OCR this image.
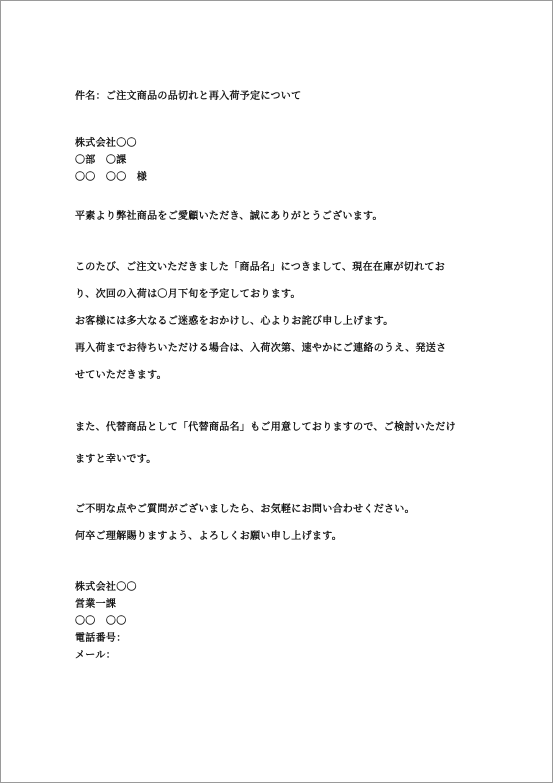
件名：ご注文商品の品切れと再入荷予定について
株式会社〇〇
〇部　〇課
〇〇　〇〇　様
平素より弊社商品をご愛顧いただき、誠にありがとうございます。
このたび、ご注文いただきました「商品名」につきまして、現在在庫が切れてお
り、次回の入荷は〇月下旬を予定しております。
お客様には多大なるご迷惑をおかけし、心よりお詫び申し上げます。
再入荷までお待ちいただける場合は、入荷次第、速やかにご連絡のうえ、発送さ
せていただきます。
また、代替商品として「代替商品名」もご用意しておりますので、ご検討いただけ
ますと幸いです。
ご不明な点やご質問がございましたら、お気軽にお問い合わせください。
何卒ご理解賜りますよう、よろしくお願い申し上げます。
株式会社〇〇
営業一課
〇〇　〇〇
電話番号：
メール：
